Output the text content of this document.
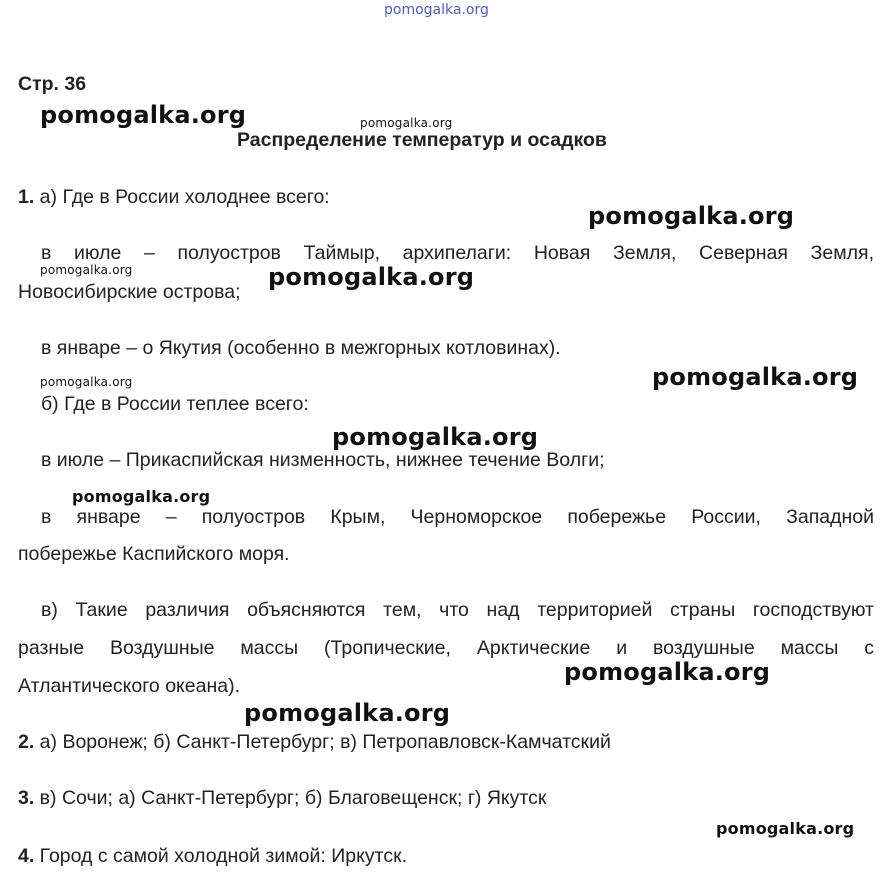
pomogalka.org
pomogalka.org	pomogalka.org
pomogalka.org
pomogalka.org	pomogalka.org
pomogalka.org
pomogalka.org
pomogalka.org
pomogalka.org
pomogalka.org
pomogalka.org
pomogalka.org
Стр. 36
Распределение температур и осадков
1. а) Где в России холоднее всего:
в июле – полуостров Таймыр, архипелаги: Новая Земля, Северная Земля,
Новосибирские острова;
в январе – о Якутия (особенно в межгорных котловинах).
б) Где в России теплее всего:
в июле – Прикаспийская низменность, нижнее течение Волги;
в январе – полуостров Крым, Черноморское побережье России, Западной
побережье Каспийского моря.
в) Такие различия объясняются тем, что над территорией страны господствуют
разные Воздушные массы (Тропические, Арктические и воздушные массы с
Атлантического океана).
2. а) Воронеж; б) Санкт-Петербург; в) Петропавловск-Камчатский
3. в) Сочи; а) Санкт-Петербург; б) Благовещенск; г) Якутск
4. Город с самой холодной зимой: Иркутск.
